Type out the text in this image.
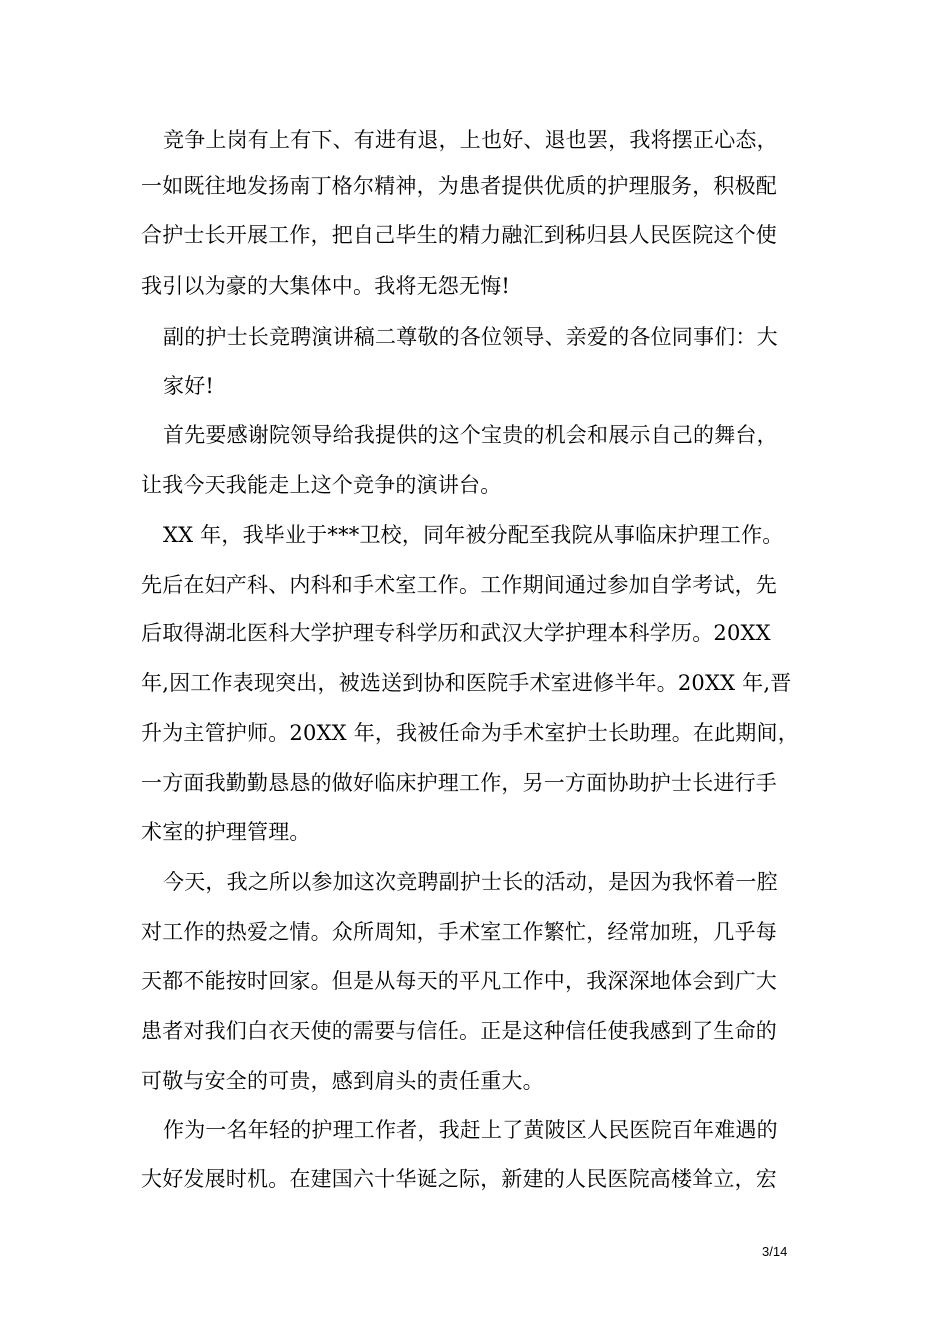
竞争上岗有上有下、有进有退，上也好、退也罢，我将摆正心态，
一如既往地发扬南丁格尔精神，为患者提供优质的护理服务，积极配
合护士长开展工作，把自己毕生的精力融汇到秭归县人民医院这个使
我引以为豪的大集体中。我将无怨无悔!
副的护士长竞聘演讲稿二尊敬的各位领导、亲爱的各位同事们：大
家好!
首先要感谢院领导给我提供的这个宝贵的机会和展示自己的舞台，
让我今天我能走上这个竞争的演讲台。
XX 年，我毕业于***卫校，同年被分配至我院从事临床护理工作。
先后在妇产科、内科和手术室工作。工作期间通过参加自学考试，先
后取得湖北医科大学护理专科学历和武汉大学护理本科学历。20XX
年,因工作表现突出，被选送到协和医院手术室进修半年。20XX 年,晋
升为主管护师。20XX 年，我被任命为手术室护士长助理。在此期间，
一方面我勤勤恳恳的做好临床护理工作，另一方面协助护士长进行手
术室的护理管理。
今天，我之所以参加这次竞聘副护士长的活动，是因为我怀着一腔
对工作的热爱之情。众所周知，手术室工作繁忙，经常加班，几乎每
天都不能按时回家。但是从每天的平凡工作中，我深深地体会到广大
患者对我们白衣天使的需要与信任。正是这种信任使我感到了生命的
可敬与安全的可贵，感到肩头的责任重大。
作为一名年轻的护理工作者，我赶上了黄陂区人民医院百年难遇的
大好发展时机。在建国六十华诞之际，新建的人民医院高楼耸立，宏
3/14
